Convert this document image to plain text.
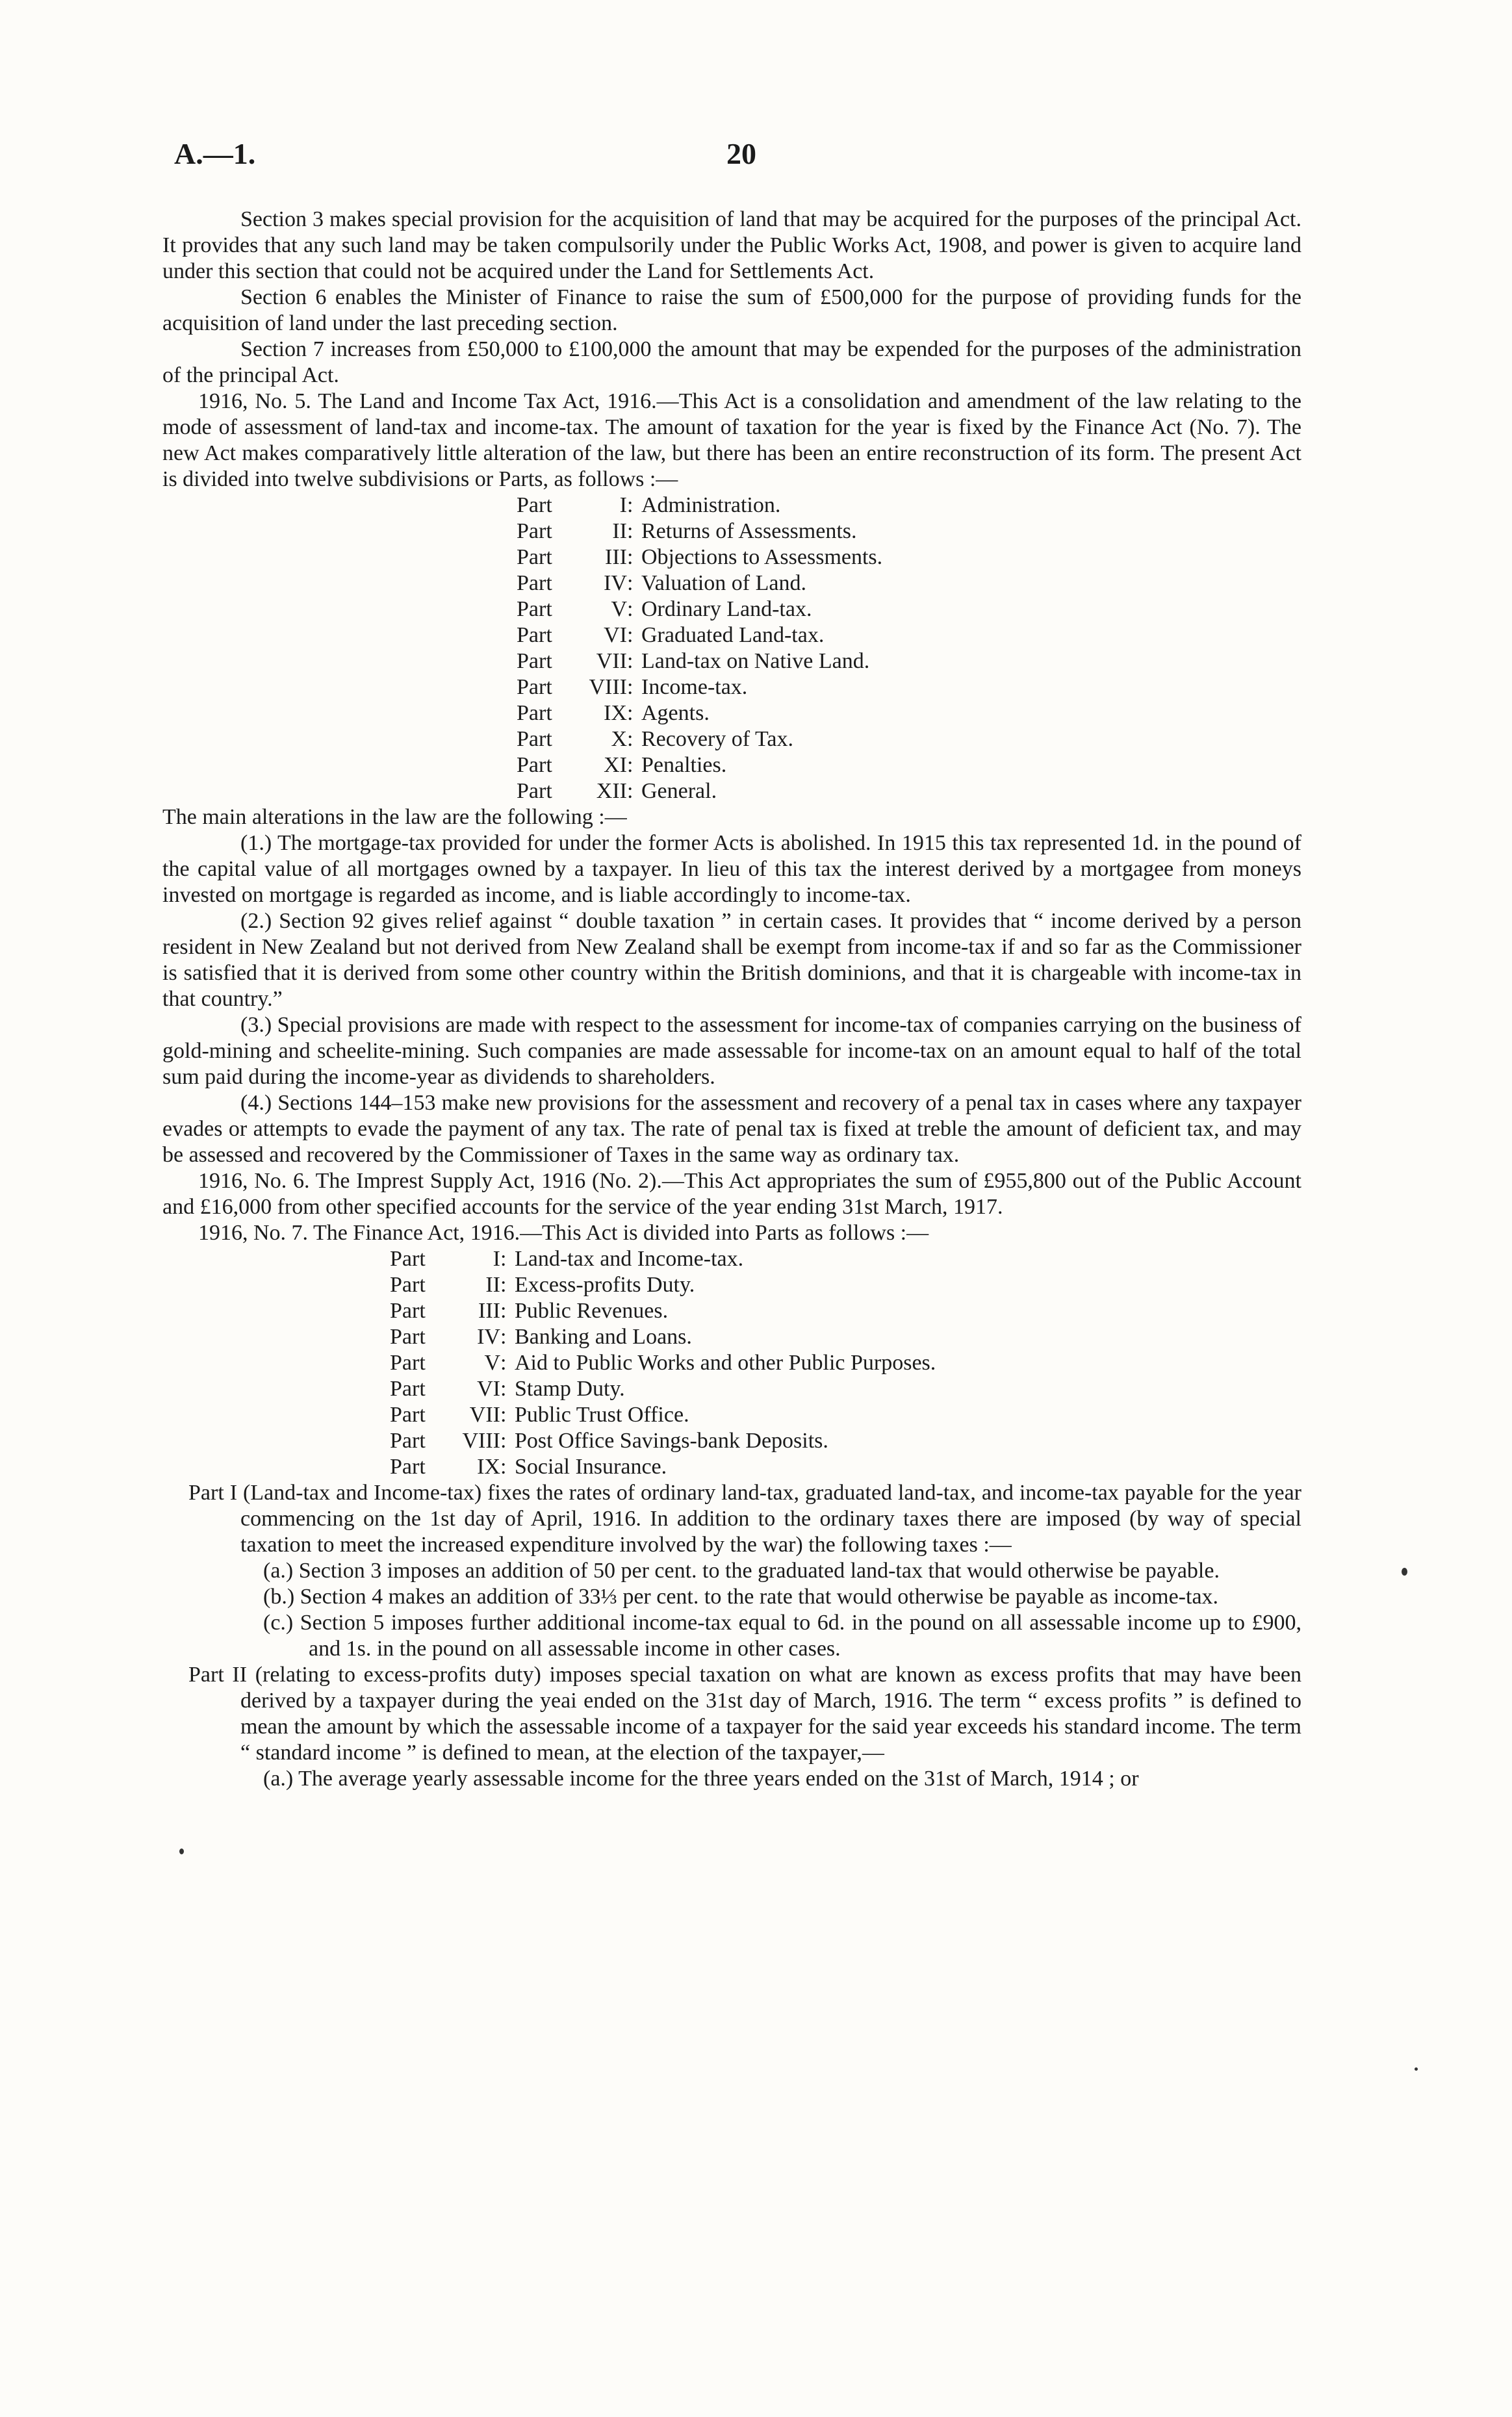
A.—1.	20

Section 3 makes special provision for the acquisition of land that may be acquired for the purposes of the principal Act. It provides that any such land may be taken compulsorily under the Public Works Act, 1908, and power is given to acquire land under this section that could not be acquired under the Land for Settlements Act.

Section 6 enables the Minister of Finance to raise the sum of £500,000 for the purpose of providing funds for the acquisition of land under the last preceding section.

Section 7 increases from £50,000 to £100,000 the amount that may be expended for the purposes of the administration of the principal Act.

1916, No. 5. The Land and Income Tax Act, 1916.—This Act is a consolidation and amendment of the law relating to the mode of assessment of land-tax and income-tax. The amount of taxation for the year is fixed by the Finance Act (No. 7). The new Act makes comparatively little alteration of the law, but there has been an entire reconstruction of its form. The present Act is divided into twelve subdivisions or Parts, as follows :—

Part	I : Administration.
Part	II : Returns of Assessments.
Part	III : Objections to Assessments.
Part	IV : Valuation of Land.
Part	V : Ordinary Land-tax.
Part	VI : Graduated Land-tax.
Part	VII : Land-tax on Native Land.
Part	VIII : Income-tax.
Part	IX : Agents.
Part	X : Recovery of Tax.
Part	XI : Penalties.
Part	XII : General.

The main alterations in the law are the following :—

(1.) The mortgage-tax provided for under the former Acts is abolished. In 1915 this tax represented 1d. in the pound of the capital value of all mortgages owned by a taxpayer. In lieu of this tax the interest derived by a mortgagee from moneys invested on mortgage is regarded as income, and is liable accordingly to income-tax.

(2.) Section 92 gives relief against “ double taxation ” in certain cases. It provides that “ income derived by a person resident in New Zealand but not derived from New Zealand shall be exempt from income-tax if and so far as the Commissioner is satisfied that it is derived from some other country within the British dominions, and that it is chargeable with income-tax in that country.”

(3.) Special provisions are made with respect to the assessment for income-tax of companies carrying on the business of gold-mining and scheelite-mining. Such companies are made assessable for income-tax on an amount equal to half of the total sum paid during the income-year as dividends to shareholders.

(4.) Sections 144–153 make new provisions for the assessment and recovery of a penal tax in cases where any taxpayer evades or attempts to evade the payment of any tax. The rate of penal tax is fixed at treble the amount of deficient tax, and may be assessed and recovered by the Commissioner of Taxes in the same way as ordinary tax.

1916, No. 6. The Imprest Supply Act, 1916 (No. 2).—This Act appropriates the sum of £955,800 out of the Public Account and £16,000 from other specified accounts for the service of the year ending 31st March, 1917.

1916, No. 7. The Finance Act, 1916.—This Act is divided into Parts as follows :—

Part	I : Land-tax and Income-tax.
Part	II : Excess-profits Duty.
Part	III : Public Revenues.
Part	IV : Banking and Loans.
Part	V : Aid to Public Works and other Public Purposes.
Part	VI : Stamp Duty.
Part	VII : Public Trust Office.
Part	VIII : Post Office Savings-bank Deposits.
Part	IX : Social Insurance.

Part I (Land-tax and Income-tax) fixes the rates of ordinary land-tax, graduated land-tax, and income-tax payable for the year commencing on the 1st day of April, 1916. In addition to the ordinary taxes there are imposed (by way of special taxation to meet the increased expenditure involved by the war) the following taxes :—

(a.) Section 3 imposes an addition of 50 per cent. to the graduated land-tax that would otherwise be payable.

(b.) Section 4 makes an addition of 33⅓ per cent. to the rate that would otherwise be payable as income-tax.

(c.) Section 5 imposes further additional income-tax equal to 6d. in the pound on all assessable income up to £900, and 1s. in the pound on all assessable income in other cases.

Part II (relating to excess-profits duty) imposes special taxation on what are known as excess profits that may have been derived by a taxpayer during the yeai ended on the 31st day of March, 1916. The term “ excess profits ” is defined to mean the amount by which the assessable income of a taxpayer for the said year exceeds his standard income. The term “ standard income ” is defined to mean, at the election of the taxpayer,—

(a.) The average yearly assessable income for the three years ended on the 31st of March, 1914 ; or
